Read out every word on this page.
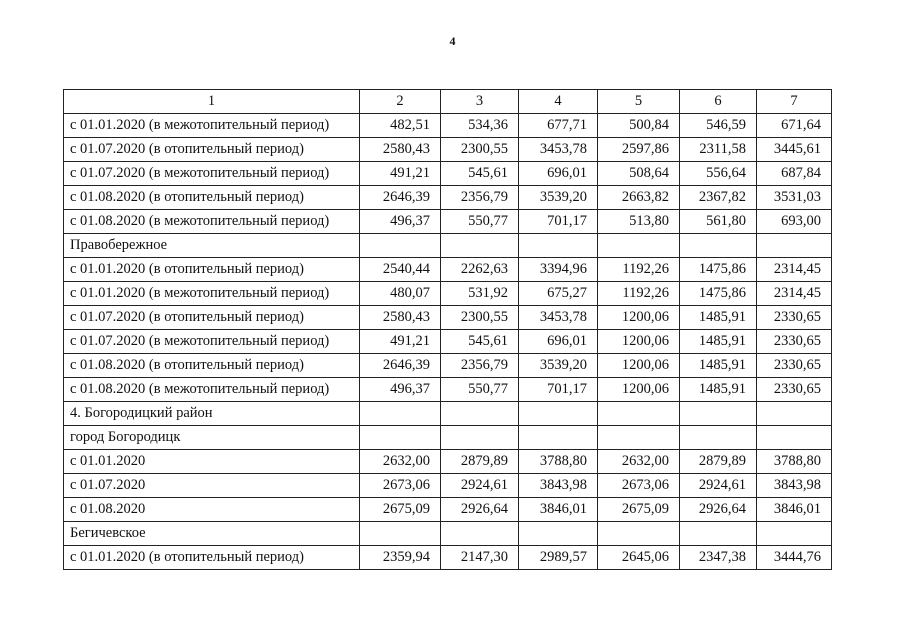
4
1	2	3	4	5	6	7
с 01.01.2020 (в межотопительный период)	482,51	534,36	677,71	500,84	546,59	671,64
с 01.07.2020 (в отопительный период)	2580,43	2300,55	3453,78	2597,86	2311,58	3445,61
с 01.07.2020 (в межотопительный период)	491,21	545,61	696,01	508,64	556,64	687,84
с 01.08.2020 (в отопительный период)	2646,39	2356,79	3539,20	2663,82	2367,82	3531,03
с 01.08.2020 (в межотопительный период)	496,37	550,77	701,17	513,80	561,80	693,00
Правобережное						
с 01.01.2020 (в отопительный период)	2540,44	2262,63	3394,96	1192,26	1475,86	2314,45
с 01.01.2020 (в межотопительный период)	480,07	531,92	675,27	1192,26	1475,86	2314,45
с 01.07.2020 (в отопительный период)	2580,43	2300,55	3453,78	1200,06	1485,91	2330,65
с 01.07.2020 (в межотопительный период)	491,21	545,61	696,01	1200,06	1485,91	2330,65
с 01.08.2020 (в отопительный период)	2646,39	2356,79	3539,20	1200,06	1485,91	2330,65
с 01.08.2020 (в межотопительный период)	496,37	550,77	701,17	1200,06	1485,91	2330,65
4. Богородицкий район						
город Богородицк						
с 01.01.2020	2632,00	2879,89	3788,80	2632,00	2879,89	3788,80
с 01.07.2020	2673,06	2924,61	3843,98	2673,06	2924,61	3843,98
с 01.08.2020	2675,09	2926,64	3846,01	2675,09	2926,64	3846,01
Бегичевское						
с 01.01.2020 (в отопительный период)	2359,94	2147,30	2989,57	2645,06	2347,38	3444,76
